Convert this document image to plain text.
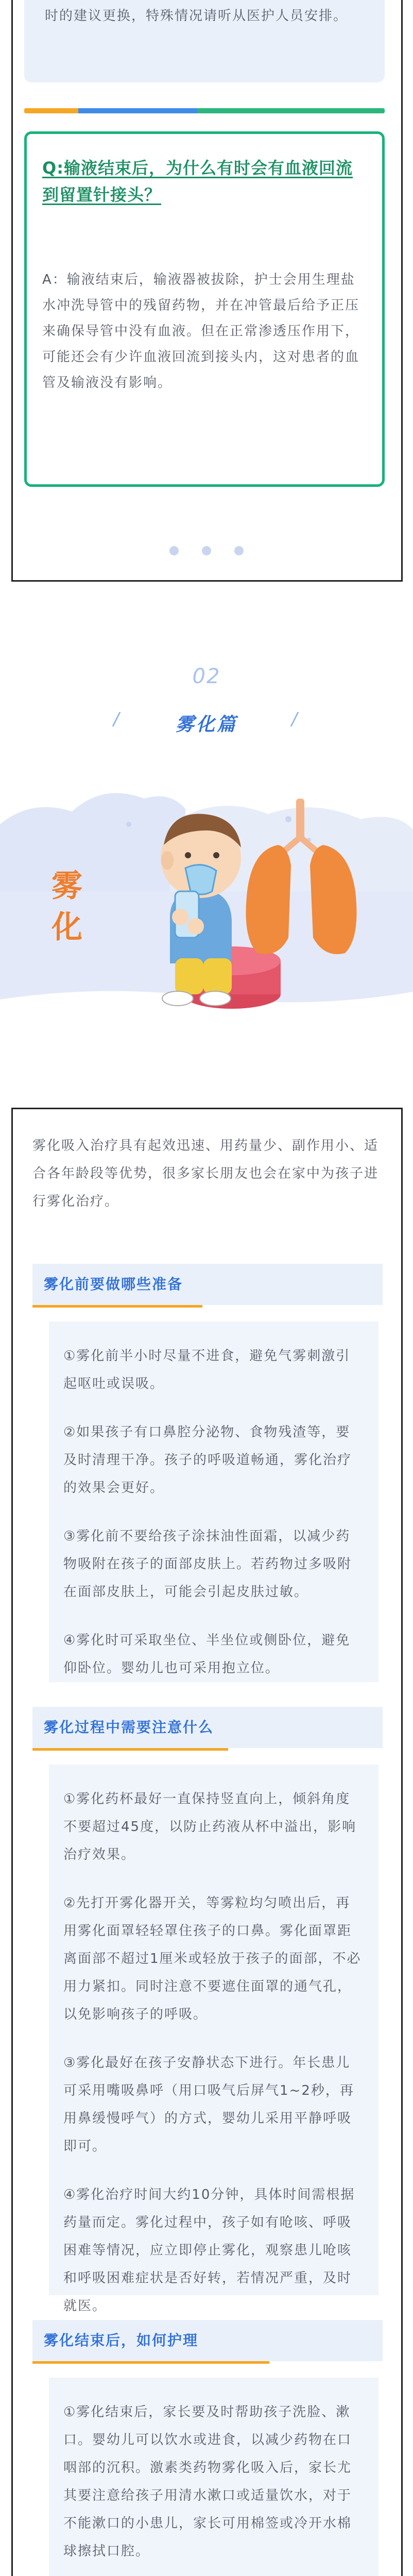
时的建议更换，特殊情况请听从医护人员安排。

Q:输液结束后，为什么有时会有血液回流到留置针接头？
A：输液结束后，输液器被拔除，护士会用生理盐水冲洗导管中的残留药物，并在冲管最后给予正压来确保导管中没有血液。但在正常渗透压作用下，可能还会有少许血液回流到接头内，这对患者的血管及输液没有影响。
02
/	雾化篇	/
雾化
雾化吸入治疗具有起效迅速、用药量少、副作用小、适合各年龄段等优势，很多家长朋友也会在家中为孩子进行雾化治疗。
雾化前要做哪些准备

①雾化前半小时尽量不进食，避免气雾刺激引起呕吐或误吸。

②如果孩子有口鼻腔分泌物、食物残渣等，要及时清理干净。孩子的呼吸道畅通，雾化治疗的效果会更好。

③雾化前不要给孩子涂抹油性面霜，以减少药物吸附在孩子的面部皮肤上。若药物过多吸附在面部皮肤上，可能会引起皮肤过敏。

④雾化时可采取坐位、半坐位或侧卧位，避免仰卧位。婴幼儿也可采用抱立位。

雾化过程中需要注意什么

①雾化药杯最好一直保持竖直向上，倾斜角度不要超过45度，以防止药液从杯中溢出，影响治疗效果。

②先打开雾化器开关，等雾粒均匀喷出后，再用雾化面罩轻轻罩住孩子的口鼻。雾化面罩距离面部不超过1厘米或轻放于孩子的面部，不必用力紧扣。同时注意不要遮住面罩的通气孔，以免影响孩子的呼吸。

③雾化最好在孩子安静状态下进行。年长患儿可采用嘴吸鼻呼（用口吸气后屏气1~2秒，再用鼻缓慢呼气）的方式，婴幼儿采用平静呼吸即可。

④雾化治疗时间大约10分钟，具体时间需根据药量而定。雾化过程中，孩子如有呛咳、呼吸困难等情况，应立即停止雾化，观察患儿呛咳和呼吸困难症状是否好转，若情况严重，及时就医。

雾化结束后，如何护理

①雾化结束后，家长要及时帮助孩子洗脸、漱口。婴幼儿可以饮水或进食，以减少药物在口咽部的沉积。激素类药物雾化吸入后，家长尤其要注意给孩子用清水漱口或适量饮水，对于不能漱口的小患儿，家长可用棉签或冷开水棉球擦拭口腔。
